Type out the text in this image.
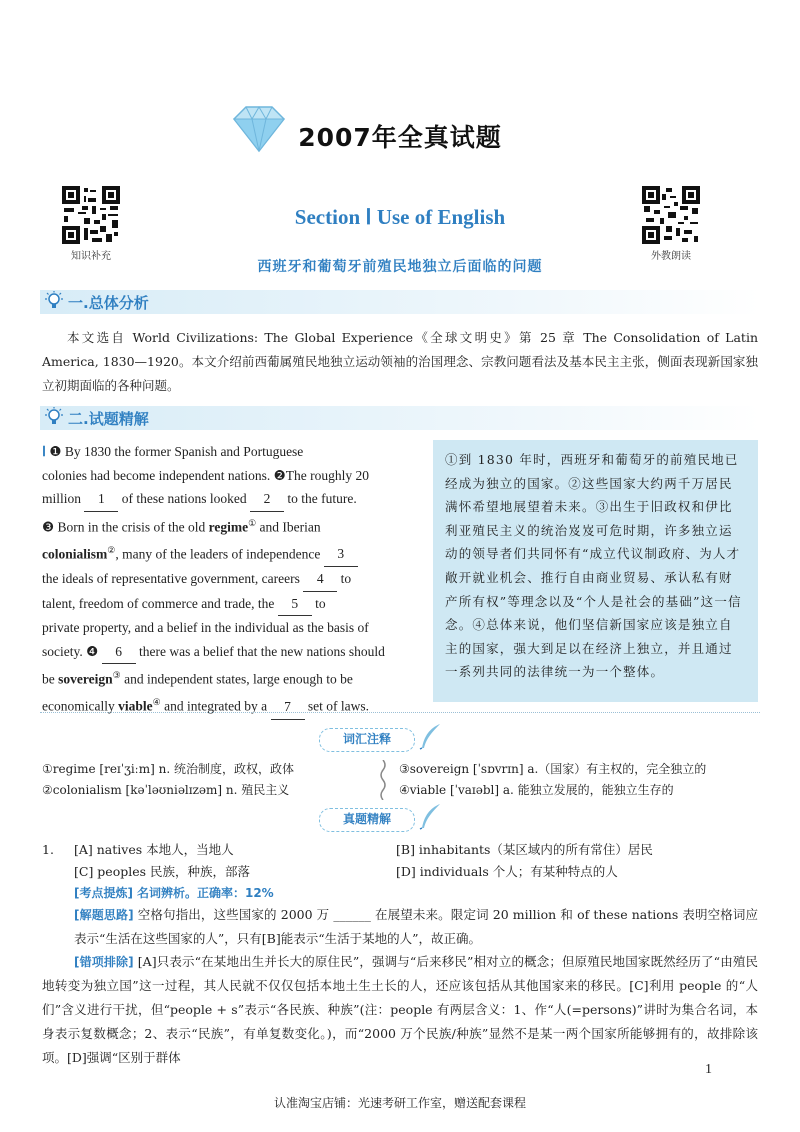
2007年全真试题
知识补充	外教朗读
Section Ⅰ Use of English
西班牙和葡萄牙前殖民地独立后面临的问题
一.总体分析
本文选自 World Civilizations: The Global Experience《全球文明史》第 25 章 The Consolidation of Latin America, 1830—1920。本文介绍前西葡属殖民地独立运动领袖的治国理念、宗教问题看法及基本民主主张，侧面表现新国家独立初期面临的各种问题。
二.试题精解
Ⅰ ❶ By 1830 the former Spanish and Portuguese
colonies had become independent nations. ❷The roughly 20
million 1 of these nations looked 2 to the future.
❸ Born in the crisis of the old regime① and Iberian
colonialism②, many of the leaders of independence 3
the ideals of representative government, careers 4 to
talent, freedom of commerce and trade, the 5 to
private property, and a belief in the individual as the basis of
society. ❹ 6 there was a belief that the new nations should
be sovereign③ and independent states, large enough to be
economically viable④ and integrated by a 7 set of laws.
①到 1830 年时，西班牙和葡萄牙的前殖民地已经成为独立的国家。②这些国家大约两千万居民满怀希望地展望着未来。③出生于旧政权和伊比利亚殖民主义的统治岌岌可危时期，许多独立运动的领导者们共同怀有“成立代议制政府、为人才敞开就业机会、推行自由商业贸易、承认私有财产所有权”等理念以及“个人是社会的基础”这一信念。④总体来说，他们坚信新国家应该是独立自主的国家，强大到足以在经济上独立，并且通过一系列共同的法律统一为一个整体。
词汇注释
①regime [reɪˈʒiːm] n. 统治制度，政权，政体
②colonialism [kəˈləʊniəlɪzəm] n. 殖民主义
③sovereign [ˈsɒvrɪn] a.（国家）有主权的，完全独立的
④viable [ˈvaɪəbl] a. 能独立发展的，能独立生存的
真题精解
1. [A] natives 本地人，当地人	[B] inhabitants（某区域内的所有常住）居民
[C] peoples 民族，种族，部落	[D] individuals 个人；有某种特点的人
[考点提炼] 名词辨析。正确率：12%
[解题思路] 空格句指出，这些国家的 2000 万 ______ 在展望未来。限定词 20 million 和 of these nations 表明空格词应表示“生活在这些国家的人”，只有[B]能表示“生活于某地的人”，故正确。
[错项排除] [A]只表示“在某地出生并长大的原住民”，强调与“后来移民”相对立的概念；但原殖民地国家既然经历了“由殖民地转变为独立国”这一过程，其人民就不仅仅包括本地土生土长的人，还应该包括从其他国家来的移民。[C]利用 people 的“人们”含义进行干扰，但“people + s”表示“各民族、种族”(注：people 有两层含义：1、作“人(=persons)”讲时为集合名词，本身表示复数概念；2、表示“民族”，有单复数变化。)，而“2000 万个民族/种族”显然不是某一两个国家所能够拥有的，故排除该项。[D]强调“区别于群体
1
认准淘宝店铺：光速考研工作室，赠送配套课程
